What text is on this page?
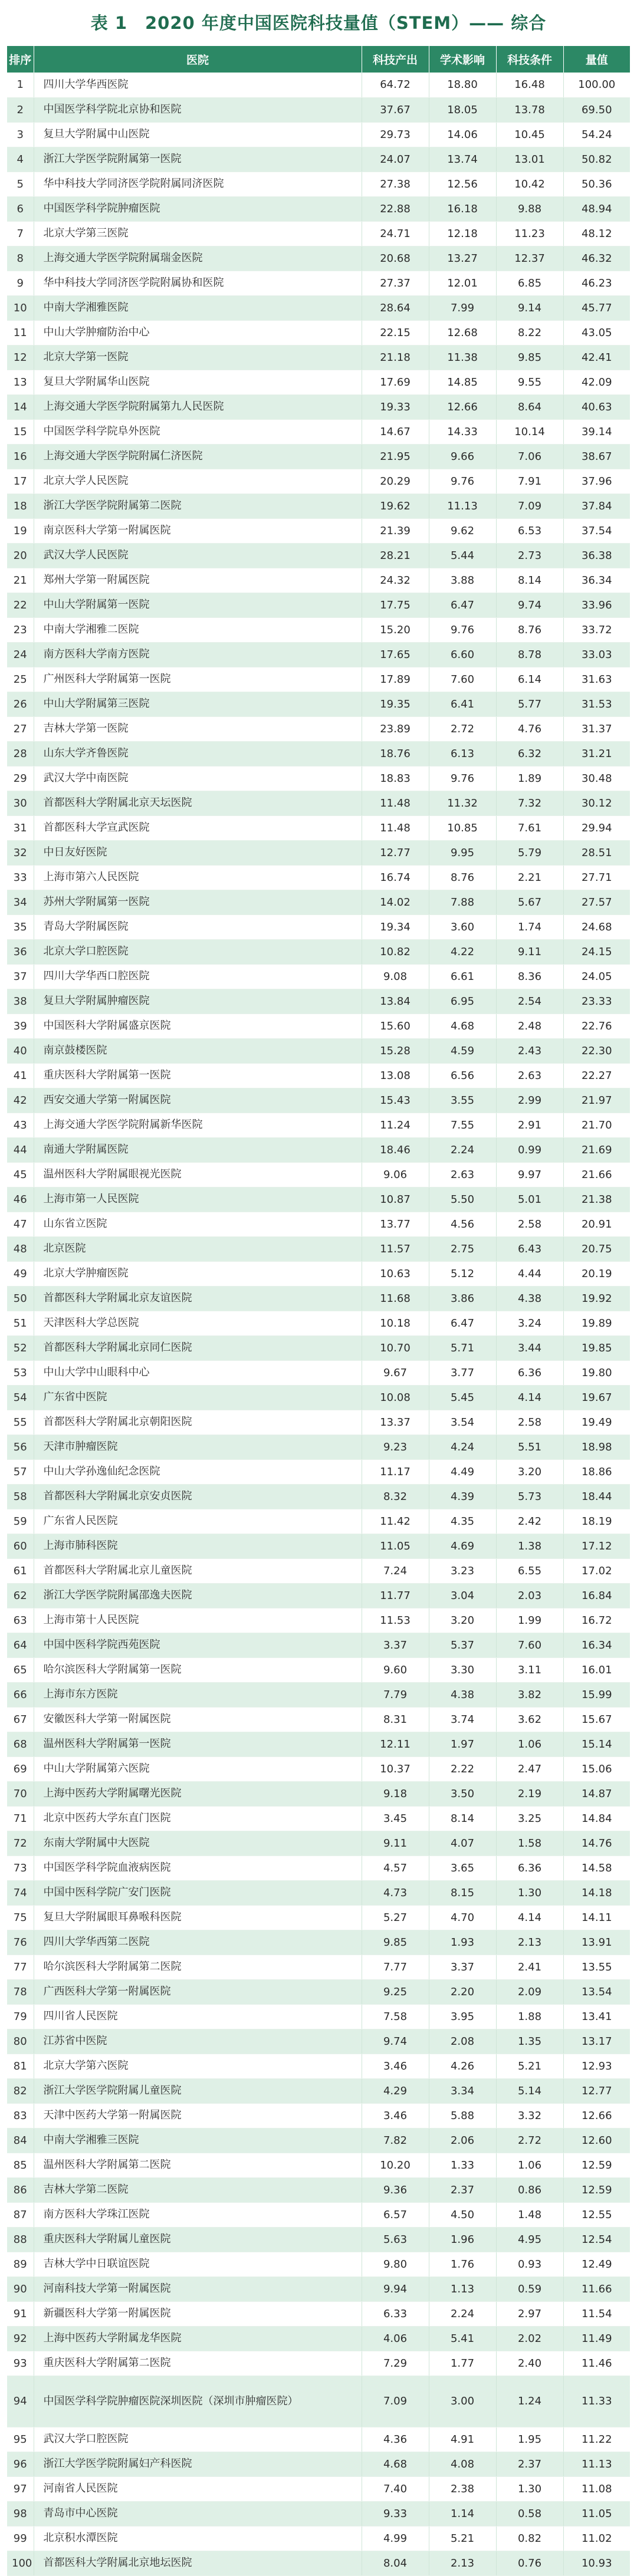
表 1　2020 年度中国医院科技量值（STEM）—— 综合
排序	医院	科技产出	学术影响	科技条件	量值
1	四川大学华西医院	64.72	18.80	16.48	100.00
2	中国医学科学院北京协和医院	37.67	18.05	13.78	69.50
3	复旦大学附属中山医院	29.73	14.06	10.45	54.24
4	浙江大学医学院附属第一医院	24.07	13.74	13.01	50.82
5	华中科技大学同济医学院附属同济医院	27.38	12.56	10.42	50.36
6	中国医学科学院肿瘤医院	22.88	16.18	9.88	48.94
7	北京大学第三医院	24.71	12.18	11.23	48.12
8	上海交通大学医学院附属瑞金医院	20.68	13.27	12.37	46.32
9	华中科技大学同济医学院附属协和医院	27.37	12.01	6.85	46.23
10	中南大学湘雅医院	28.64	7.99	9.14	45.77
11	中山大学肿瘤防治中心	22.15	12.68	8.22	43.05
12	北京大学第一医院	21.18	11.38	9.85	42.41
13	复旦大学附属华山医院	17.69	14.85	9.55	42.09
14	上海交通大学医学院附属第九人民医院	19.33	12.66	8.64	40.63
15	中国医学科学院阜外医院	14.67	14.33	10.14	39.14
16	上海交通大学医学院附属仁济医院	21.95	9.66	7.06	38.67
17	北京大学人民医院	20.29	9.76	7.91	37.96
18	浙江大学医学院附属第二医院	19.62	11.13	7.09	37.84
19	南京医科大学第一附属医院	21.39	9.62	6.53	37.54
20	武汉大学人民医院	28.21	5.44	2.73	36.38
21	郑州大学第一附属医院	24.32	3.88	8.14	36.34
22	中山大学附属第一医院	17.75	6.47	9.74	33.96
23	中南大学湘雅二医院	15.20	9.76	8.76	33.72
24	南方医科大学南方医院	17.65	6.60	8.78	33.03
25	广州医科大学附属第一医院	17.89	7.60	6.14	31.63
26	中山大学附属第三医院	19.35	6.41	5.77	31.53
27	吉林大学第一医院	23.89	2.72	4.76	31.37
28	山东大学齐鲁医院	18.76	6.13	6.32	31.21
29	武汉大学中南医院	18.83	9.76	1.89	30.48
30	首都医科大学附属北京天坛医院	11.48	11.32	7.32	30.12
31	首都医科大学宣武医院	11.48	10.85	7.61	29.94
32	中日友好医院	12.77	9.95	5.79	28.51
33	上海市第六人民医院	16.74	8.76	2.21	27.71
34	苏州大学附属第一医院	14.02	7.88	5.67	27.57
35	青岛大学附属医院	19.34	3.60	1.74	24.68
36	北京大学口腔医院	10.82	4.22	9.11	24.15
37	四川大学华西口腔医院	9.08	6.61	8.36	24.05
38	复旦大学附属肿瘤医院	13.84	6.95	2.54	23.33
39	中国医科大学附属盛京医院	15.60	4.68	2.48	22.76
40	南京鼓楼医院	15.28	4.59	2.43	22.30
41	重庆医科大学附属第一医院	13.08	6.56	2.63	22.27
42	西安交通大学第一附属医院	15.43	3.55	2.99	21.97
43	上海交通大学医学院附属新华医院	11.24	7.55	2.91	21.70
44	南通大学附属医院	18.46	2.24	0.99	21.69
45	温州医科大学附属眼视光医院	9.06	2.63	9.97	21.66
46	上海市第一人民医院	10.87	5.50	5.01	21.38
47	山东省立医院	13.77	4.56	2.58	20.91
48	北京医院	11.57	2.75	6.43	20.75
49	北京大学肿瘤医院	10.63	5.12	4.44	20.19
50	首都医科大学附属北京友谊医院	11.68	3.86	4.38	19.92
51	天津医科大学总医院	10.18	6.47	3.24	19.89
52	首都医科大学附属北京同仁医院	10.70	5.71	3.44	19.85
53	中山大学中山眼科中心	9.67	3.77	6.36	19.80
54	广东省中医院	10.08	5.45	4.14	19.67
55	首都医科大学附属北京朝阳医院	13.37	3.54	2.58	19.49
56	天津市肿瘤医院	9.23	4.24	5.51	18.98
57	中山大学孙逸仙纪念医院	11.17	4.49	3.20	18.86
58	首都医科大学附属北京安贞医院	8.32	4.39	5.73	18.44
59	广东省人民医院	11.42	4.35	2.42	18.19
60	上海市肺科医院	11.05	4.69	1.38	17.12
61	首都医科大学附属北京儿童医院	7.24	3.23	6.55	17.02
62	浙江大学医学院附属邵逸夫医院	11.77	3.04	2.03	16.84
63	上海市第十人民医院	11.53	3.20	1.99	16.72
64	中国中医科学院西苑医院	3.37	5.37	7.60	16.34
65	哈尔滨医科大学附属第一医院	9.60	3.30	3.11	16.01
66	上海市东方医院	7.79	4.38	3.82	15.99
67	安徽医科大学第一附属医院	8.31	3.74	3.62	15.67
68	温州医科大学附属第一医院	12.11	1.97	1.06	15.14
69	中山大学附属第六医院	10.37	2.22	2.47	15.06
70	上海中医药大学附属曙光医院	9.18	3.50	2.19	14.87
71	北京中医药大学东直门医院	3.45	8.14	3.25	14.84
72	东南大学附属中大医院	9.11	4.07	1.58	14.76
73	中国医学科学院血液病医院	4.57	3.65	6.36	14.58
74	中国中医科学院广安门医院	4.73	8.15	1.30	14.18
75	复旦大学附属眼耳鼻喉科医院	5.27	4.70	4.14	14.11
76	四川大学华西第二医院	9.85	1.93	2.13	13.91
77	哈尔滨医科大学附属第二医院	7.77	3.37	2.41	13.55
78	广西医科大学第一附属医院	9.25	2.20	2.09	13.54
79	四川省人民医院	7.58	3.95	1.88	13.41
80	江苏省中医院	9.74	2.08	1.35	13.17
81	北京大学第六医院	3.46	4.26	5.21	12.93
82	浙江大学医学院附属儿童医院	4.29	3.34	5.14	12.77
83	天津中医药大学第一附属医院	3.46	5.88	3.32	12.66
84	中南大学湘雅三医院	7.82	2.06	2.72	12.60
85	温州医科大学附属第二医院	10.20	1.33	1.06	12.59
86	吉林大学第二医院	9.36	2.37	0.86	12.59
87	南方医科大学珠江医院	6.57	4.50	1.48	12.55
88	重庆医科大学附属儿童医院	5.63	1.96	4.95	12.54
89	吉林大学中日联谊医院	9.80	1.76	0.93	12.49
90	河南科技大学第一附属医院	9.94	1.13	0.59	11.66
91	新疆医科大学第一附属医院	6.33	2.24	2.97	11.54
92	上海中医药大学附属龙华医院	4.06	5.41	2.02	11.49
93	重庆医科大学附属第二医院	7.29	1.77	2.40	11.46
94	中国医学科学院肿瘤医院深圳医院（深圳市肿瘤医院）	7.09	3.00	1.24	11.33
95	武汉大学口腔医院	4.36	4.91	1.95	11.22
96	浙江大学医学院附属妇产科医院	4.68	4.08	2.37	11.13
97	河南省人民医院	7.40	2.38	1.30	11.08
98	青岛市中心医院	9.33	1.14	0.58	11.05
99	北京积水潭医院	4.99	5.21	0.82	11.02
100	首都医科大学附属北京地坛医院	8.04	2.13	0.76	10.93
